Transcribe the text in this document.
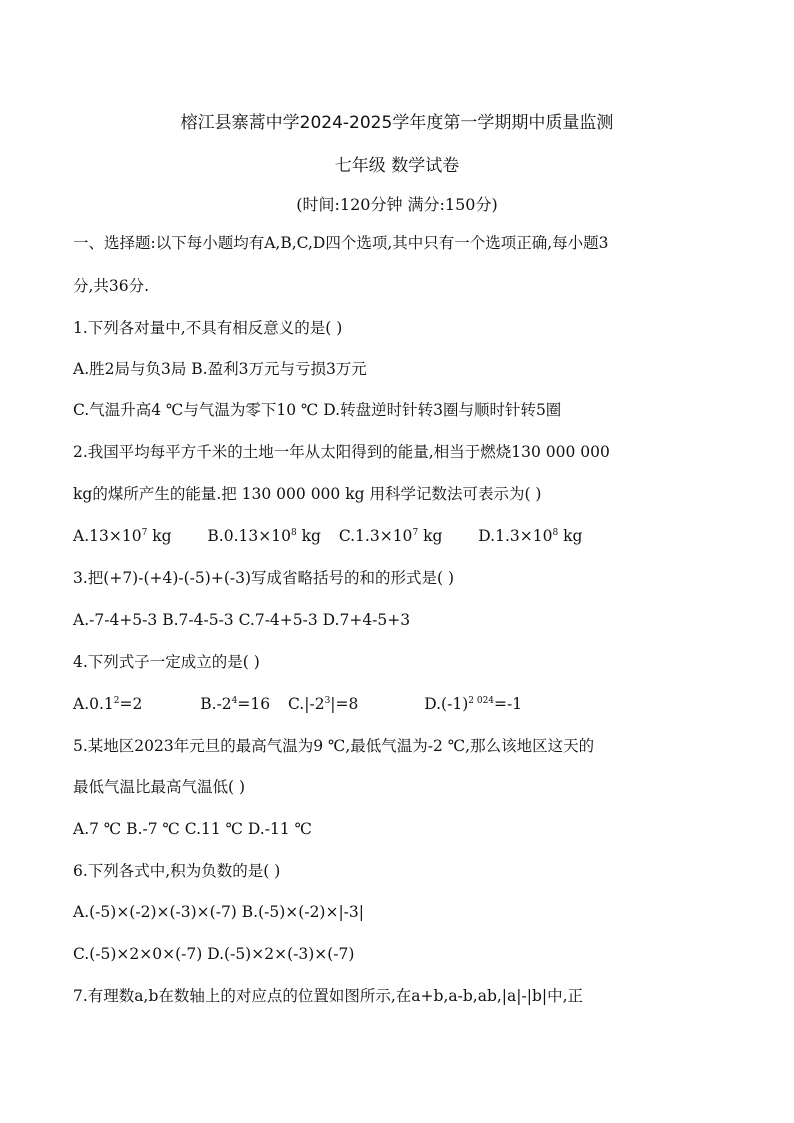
榕江县寨蒿中学2024-2025学年度第一学期期中质量监测
七年级 数学试卷
(时间:120分钟 满分:150分)
一、选择题:以下每小题均有A,B,C,D四个选项,其中只有一个选项正确,每小题3
分,共36分.
1.下列各对量中,不具有相反意义的是( )
A.胜2局与负3局 B.盈利3万元与亏损3万元
C.气温升高4 ℃与气温为零下10 ℃ D.转盘逆时针转3圈与顺时针转5圈
2.我国平均每平方千米的土地一年从太阳得到的能量,相当于燃烧130 000 000
kg的煤所产生的能量.把 130 000 000 kg 用科学记数法可表示为( )
$A.13\times 10^7$ kg $B.0.13\times 10^8$ kg $C.1.3\times 10^7$ kg $D.1.3\times 10^8$ kg
3.把(+7)-(+4)-(-5)+(-3)写成省略括号的和的形式是( )
A.-7-4+5-3 B.7-4-5-3 C.7-4+5-3 D.7+4-5+3
4.下列式子一定成立的是( )
$A.0.1^2=2$	$B.-2^4=16$ $C.|-2^3|=8$	$D.(-1)^{2 024}=-1$
5.某地区2023年元旦的最高气温为9 ℃,最低气温为-2 ℃,那么该地区这天的
最低气温比最高气温低( )
A.7 ℃ B.-7 ℃ C.11 ℃ D.-11 ℃
6.下列各式中,积为负数的是( )
A.(-5)×(-2)×(-3)×(-7) B.(-5)×(-2)×|-3|
C.(-5)×2×0×(-7) D.(-5)×2×(-3)×(-7)
7.有理数a,b在数轴上的对应点的位置如图所示,在a+b,a-b,ab,|a|-|b|中,正
